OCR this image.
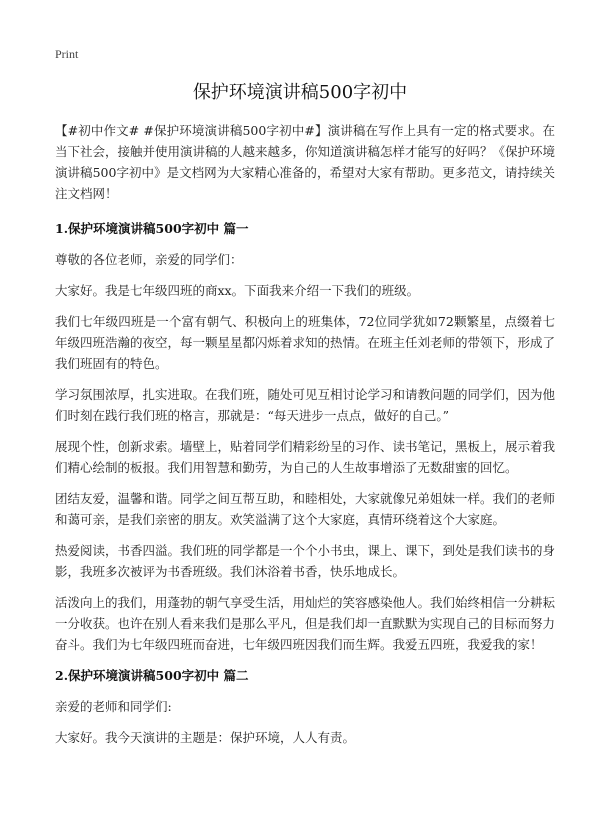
Print
保护环境演讲稿500字初中

【#初中作文# #保护环境演讲稿500字初中#】演讲稿在写作上具有一定的格式要求。在当下社会，接触并使用演讲稿的人越来越多，你知道演讲稿怎样才能写的好吗？《保护环境演讲稿500字初中》是文档网为大家精心准备的，希望对大家有帮助。更多范文，请持续关注文档网！

1.保护环境演讲稿500字初中 篇一

尊敬的各位老师，亲爱的同学们：

大家好。我是七年级四班的商xx。下面我来介绍一下我们的班级。

我们七年级四班是一个富有朝气、积极向上的班集体，72位同学犹如72颗繁星，点缀着七年级四班浩瀚的夜空，每一颗星星都闪烁着求知的热情。在班主任刘老师的带领下，形成了我们班固有的特色。

学习氛围浓厚，扎实进取。在我们班，随处可见互相讨论学习和请教问题的同学们，因为他们时刻在践行我们班的格言，那就是：“每天进步一点点，做好的自己。”

展现个性，创新求索。墙壁上，贴着同学们精彩纷呈的习作、读书笔记，黑板上，展示着我们精心绘制的板报。我们用智慧和勤劳，为自己的人生故事增添了无数甜蜜的回忆。

团结友爱，温馨和谐。同学之间互帮互助，和睦相处，大家就像兄弟姐妹一样。我们的老师和蔼可亲，是我们亲密的朋友。欢笑溢满了这个大家庭，真情环绕着这个大家庭。

热爱阅读，书香四溢。我们班的同学都是一个个小书虫，课上、课下，到处是我们读书的身影，我班多次被评为书香班级。我们沐浴着书香，快乐地成长。

活泼向上的我们，用蓬勃的朝气享受生活，用灿烂的笑容感染他人。我们始终相信一分耕耘一分收获。也许在别人看来我们是那么平凡，但是我们却一直默默为实现自己的目标而努力奋斗。我们为七年级四班而奋进，七年级四班因我们而生辉。我爱五四班，我爱我的家！

2.保护环境演讲稿500字初中 篇二

亲爱的老师和同学们:

大家好。我今天演讲的主题是：保护环境，人人有责。
